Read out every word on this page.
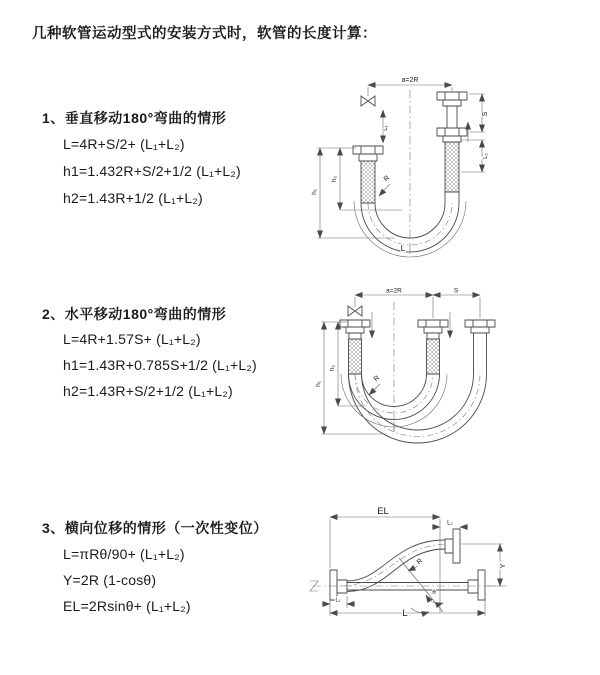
几种软管运动型式的安装方式时，软管的长度计算：
1、垂直移动180°弯曲的情形
L=4R+S/2+ (L₁+L₂)
h1=1.432R+S/2+1/2 (L₁+L₂)
h2=1.43R+1/2 (L₁+L₂)
2、水平移动180°弯曲的情形
L=4R+1.57S+ (L₁+L₂)
h1=1.43R+0.785S+1/2 (L₁+L₂)
h2=1.43R+S/2+1/2 (L₁+L₂)
3、横向位移的情形（一次性变位）
L=πRθ/90+ (L₁+L₂)
Y=2R (1-cosθ)
EL=2Rsinθ+ (L₁+L₂)
a=2R
L₁
S
L₂
h₁
h₂	R
L
a=2R	S
h₁
h₂
R
EL
L₂
Y
L₁
L
θ
R
